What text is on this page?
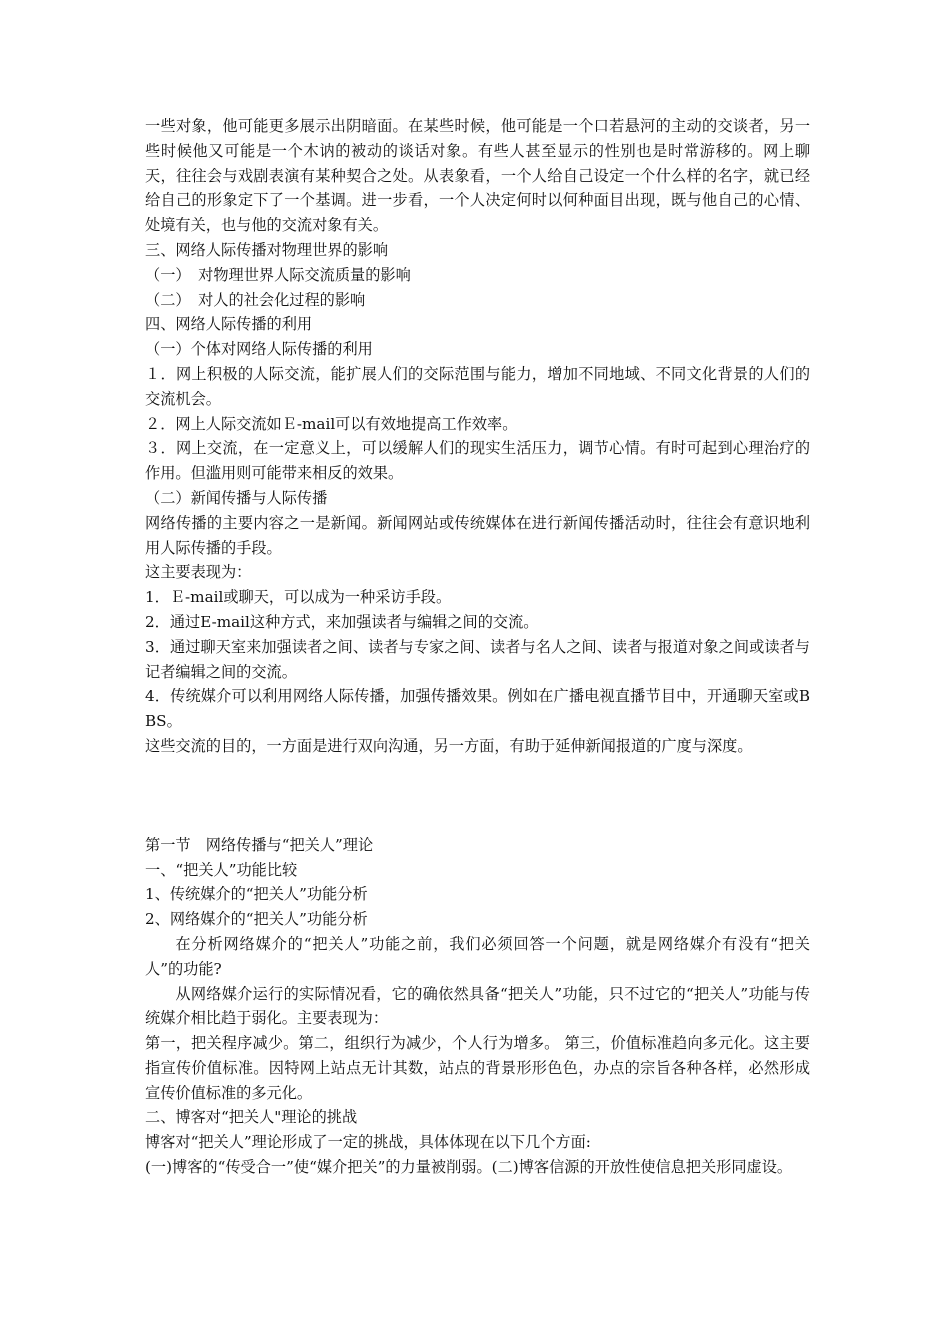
一些对象，他可能更多展示出阴暗面。在某些时候，他可能是一个口若悬河的主动的交谈者，另一些时候他又可能是一个木讷的被动的谈话对象。有些人甚至显示的性别也是时常游移的。网上聊天，往往会与戏剧表演有某种契合之处。从表象看，一个人给自己设定一个什么样的名字，就已经给自己的形象定下了一个基调。进一步看，一个人决定何时以何种面目出现，既与他自己的心情、处境有关，也与他的交流对象有关。

三、网络人际传播对物理世界的影响

（一）　对物理世界人际交流质量的影响

（二）　对人的社会化过程的影响

四、网络人际传播的利用

（一）个体对网络人际传播的利用

１．网上积极的人际交流，能扩展人们的交际范围与能力，增加不同地域、不同文化背景的人们的交流机会。

２．网上人际交流如Ｅ-mail可以有效地提高工作效率。

３．网上交流，在一定意义上，可以缓解人们的现实生活压力，调节心情。有时可起到心理治疗的作用。但滥用则可能带来相反的效果。

（二）新闻传播与人际传播

网络传播的主要内容之一是新闻。新闻网站或传统媒体在进行新闻传播活动时，往往会有意识地利用人际传播的手段。

这主要表现为：

1．Ｅ-mail或聊天，可以成为一种采访手段。

2．通过E-mail这种方式，来加强读者与编辑之间的交流。

3．通过聊天室来加强读者之间、读者与专家之间、读者与名人之间、读者与报道对象之间或读者与记者编辑之间的交流。

4．传统媒介可以利用网络人际传播，加强传播效果。例如在广播电视直播节目中，开通聊天室或BBS。

这些交流的目的，一方面是进行双向沟通，另一方面，有助于延伸新闻报道的广度与深度。

第一节　网络传播与“把关人”理论

一、“把关人”功能比较

1、传统媒介的“把关人”功能分析

2、网络媒介的“把关人”功能分析

在分析网络媒介的“把关人”功能之前，我们必须回答一个问题，就是网络媒介有没有“把关人”的功能?

从网络媒介运行的实际情况看，它的确依然具备“把关人”功能，只不过它的“把关人”功能与传统媒介相比趋于弱化。主要表现为：

第一，把关程序减少。第二，组织行为减少，个人行为增多。 第三，价值标准趋向多元化。这主要指宣传价值标准。因特网上站点无计其数，站点的背景形形色色，办点的宗旨各种各样，必然形成宣传价值标准的多元化。

二、博客对“把关人"理论的挑战

博客对“把关人”理论形成了一定的挑战，具体体现在以下几个方面:

(一)博客的“传受合一”使“媒介把关”的力量被削弱。(二)博客信源的开放性使信息把关形同虚设。
